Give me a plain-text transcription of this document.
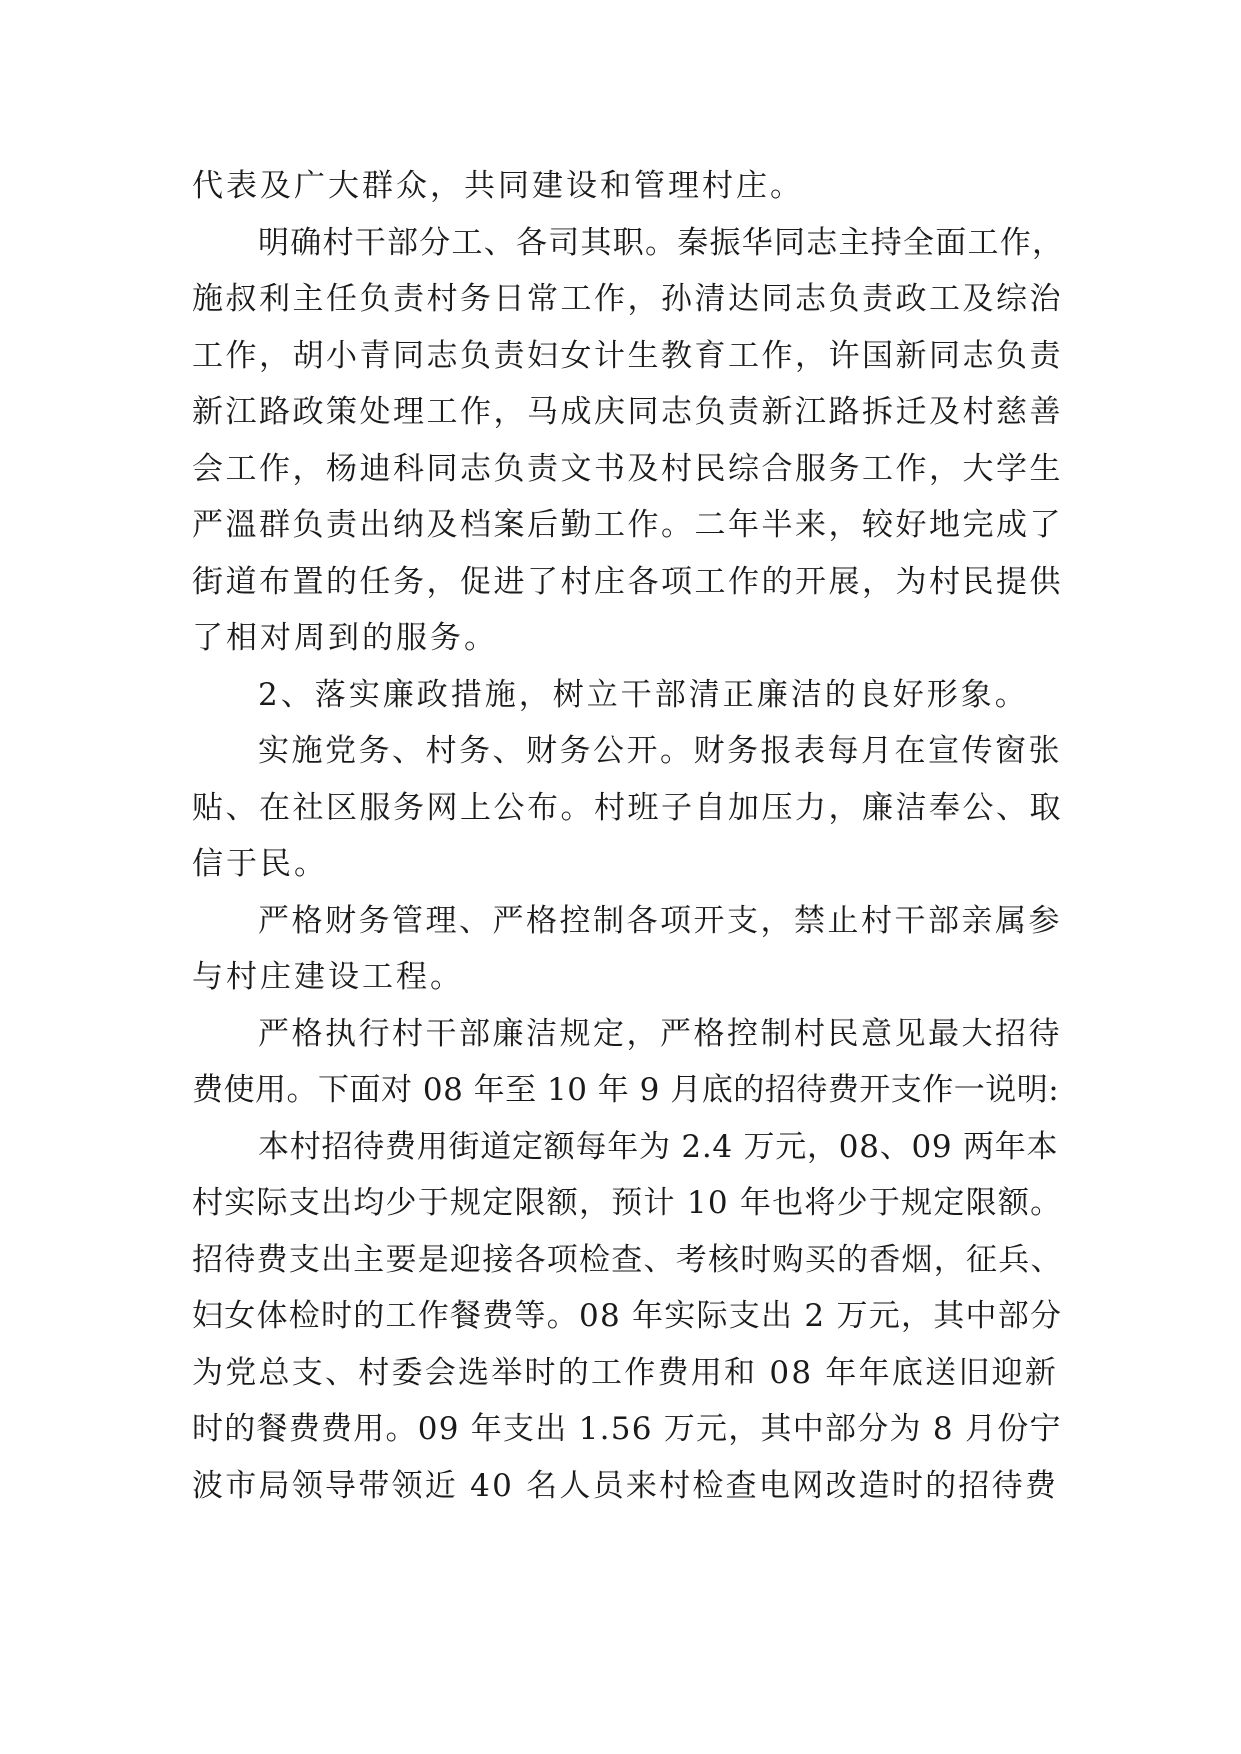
代表及广大群众，共同建设和管理村庄。
明确村干部分工、各司其职。秦振华同志主持全面工作，
施叔利主任负责村务日常工作，孙清达同志负责政工及综治
工作，胡小青同志负责妇女计生教育工作，许国新同志负责
新江路政策处理工作，马成庆同志负责新江路拆迁及村慈善
会工作，杨迪科同志负责文书及村民综合服务工作，大学生
严溫群负责出纳及档案后勤工作。二年半来，较好地完成了
街道布置的任务，促进了村庄各项工作的开展，为村民提供
了相对周到的服务。
2、落实廉政措施，树立干部清正廉洁的良好形象。
实施党务、村务、财务公开。财务报表每月在宣传窗张
贴、在社区服务网上公布。村班子自加压力，廉洁奉公、取
信于民。
严格财务管理、严格控制各项开支，禁止村干部亲属参
与村庄建设工程。
严格执行村干部廉洁规定，严格控制村民意见最大招待
费使用。下面对 08 年至 10 年 9 月底的招待费开支作一说明:
本村招待费用街道定额每年为 2.4 万元，08、09 两年本
村实际支出均少于规定限额，预计 10 年也将少于规定限额。
招待费支出主要是迎接各项检查、考核时购买的香烟，征兵、
妇女体检时的工作餐费等。08 年实际支出 2 万元，其中部分
为党总支、村委会选举时的工作费用和 08 年年底送旧迎新
时的餐费费用。09 年支出 1.56 万元，其中部分为 8 月份宁
波市局领导带领近 40 名人员来村检查电网改造时的招待费
